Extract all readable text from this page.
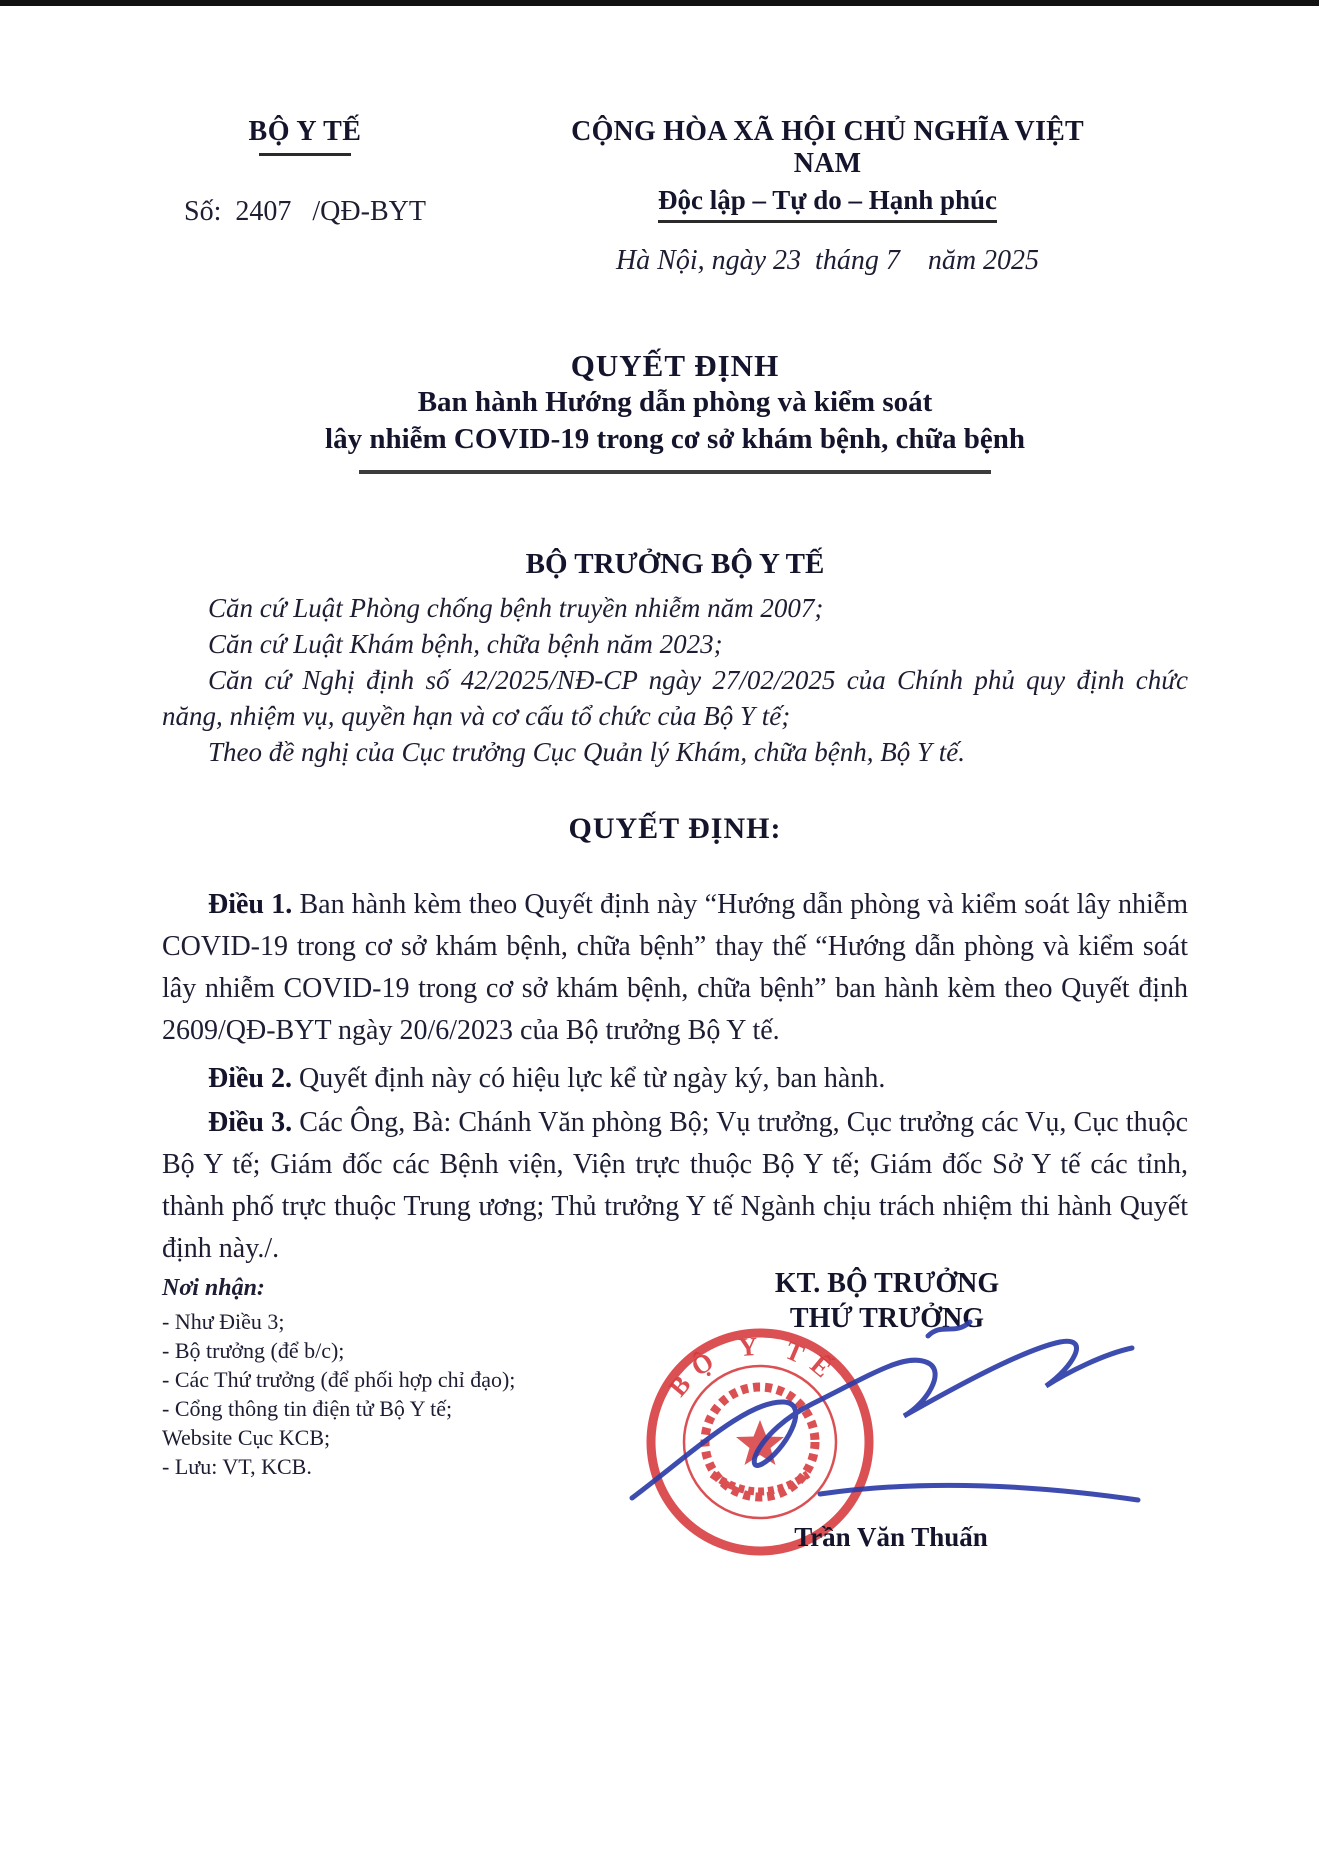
BỘ Y TẾ
Số:  2407   /QĐ-BYT
CỘNG HÒA XÃ HỘI CHỦ NGHĨA VIỆT NAM
Độc lập – Tự do – Hạnh phúc
Hà Nội, ngày 23  tháng 7    năm 2025
QUYẾT ĐỊNH
Ban hành Hướng dẫn phòng và kiểm soát
lây nhiễm COVID-19 trong cơ sở khám bệnh, chữa bệnh
BỘ TRƯỞNG BỘ Y TẾ

Căn cứ Luật Phòng chống bệnh truyền nhiễm năm 2007;

Căn cứ Luật Khám bệnh, chữa bệnh năm 2023;

Căn cứ Nghị định số 42/2025/NĐ-CP ngày 27/02/2025 của Chính phủ quy định chức năng, nhiệm vụ, quyền hạn và cơ cấu tổ chức của Bộ Y tế;

Theo đề nghị của Cục trưởng Cục Quản lý Khám, chữa bệnh, Bộ Y tế.

QUYẾT ĐỊNH:

Điều 1. Ban hành kèm theo Quyết định này “Hướng dẫn phòng và kiểm soát lây nhiễm COVID-19 trong cơ sở khám bệnh, chữa bệnh” thay thế “Hướng dẫn phòng và kiểm soát lây nhiễm COVID-19 trong cơ sở khám bệnh, chữa bệnh” ban hành kèm theo Quyết định 2609/QĐ-BYT ngày 20/6/2023 của Bộ trưởng Bộ Y tế.

Điều 2. Quyết định này có hiệu lực kể từ ngày ký, ban hành.

Điều 3. Các Ông, Bà: Chánh Văn phòng Bộ; Vụ trưởng, Cục trưởng các Vụ, Cục thuộc Bộ Y tế; Giám đốc các Bệnh viện, Viện trực thuộc Bộ Y tế; Giám đốc Sở Y tế các tỉnh, thành phố trực thuộc Trung ương; Thủ trưởng Y tế Ngành chịu trách nhiệm thi hành Quyết định này./.

Nơi nhận:
- Như Điều 3;
- Bộ trưởng (để b/c);
- Các Thứ trưởng (để phối hợp chỉ đạo);
- Cổng thông tin điện tử Bộ Y tế;
Website Cục KCB;
- Lưu: VT, KCB.
KT. BỘ TRƯỞNG
THỨ TRƯỞNG
BỘ Y TẾ
Trần Văn Thuấn
